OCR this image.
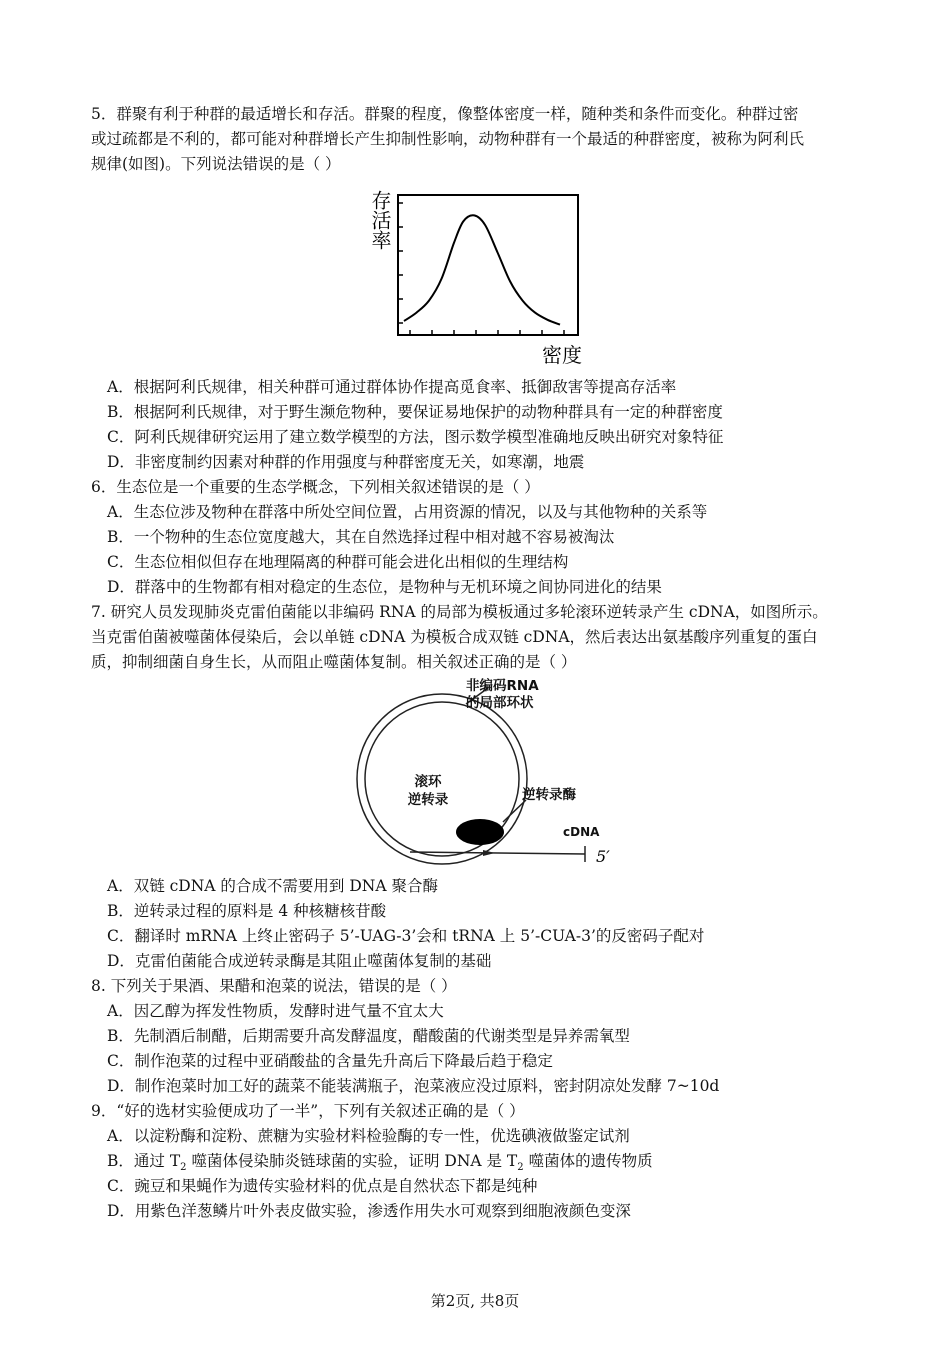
5．群聚有利于种群的最适增长和存活。群聚的程度，像整体密度一样，随种类和条件而变化。种群过密
或过疏都是不利的，都可能对种群增长产生抑制性影响，动物种群有一个最适的种群密度，被称为阿利氏
规律(如图)。下列说法错误的是（ ）
存活率
密度
A．根据阿利氏规律，相关种群可通过群体协作提高觅食率、抵御敌害等提高存活率
B．根据阿利氏规律，对于野生濒危物种，要保证易地保护的动物种群具有一定的种群密度
C．阿利氏规律研究运用了建立数学模型的方法，图示数学模型准确地反映出研究对象特征
D．非密度制约因素对种群的作用强度与种群密度无关，如寒潮，地震
6．生态位是一个重要的生态学概念，下列相关叙述错误的是（ ）
A．生态位涉及物种在群落中所处空间位置，占用资源的情况，以及与其他物种的关系等
B．一个物种的生态位宽度越大，其在自然选择过程中相对越不容易被淘汰
C．生态位相似但存在地理隔离的种群可能会进化出相似的生理结构
D．群落中的生物都有相对稳定的生态位，是物种与无机环境之间协同进化的结果
7. 研究人员发现肺炎克雷伯菌能以非编码 RNA 的局部为模板通过多轮滚环逆转录产生 cDNA，如图所示。
当克雷伯菌被噬菌体侵染后，会以单链 cDNA 为模板合成双链 cDNA，然后表达出氨基酸序列重复的蛋白
质，抑制细菌自身生长，从而阻止噬菌体复制。相关叙述正确的是（ ）
非编码RNA
的局部环状
滚环
逆转录	逆转录酶
cDNA
5′
A．双链 cDNA 的合成不需要用到 DNA 聚合酶
B．逆转录过程的原料是 4 种核糖核苷酸
C．翻译时 mRNA 上终止密码子 5’-UAG-3’会和 tRNA 上 5’-CUA-3’的反密码子配对
D．克雷伯菌能合成逆转录酶是其阻止噬菌体复制的基础
8. 下列关于果酒、果醋和泡菜的说法，错误的是（ ）
A．因乙醇为挥发性物质，发酵时进气量不宜太大
B．先制酒后制醋，后期需要升高发酵温度，醋酸菌的代谢类型是异养需氧型
C．制作泡菜的过程中亚硝酸盐的含量先升高后下降最后趋于稳定
D．制作泡菜时加工好的蔬菜不能装满瓶子，泡菜液应没过原料，密封阴凉处发酵 7~10d
9．“好的选材实验便成功了一半”，下列有关叙述正确的是（ ）
A．以淀粉酶和淀粉、蔗糖为实验材料检验酶的专一性，优选碘液做鉴定试剂
B．通过 $T_2$ 噬菌体侵染肺炎链球菌的实验，证明 DNA 是 $T_2$ 噬菌体的遗传物质
C．豌豆和果蝇作为遗传实验材料的优点是自然状态下都是纯种
D．用紫色洋葱鳞片叶外表皮做实验，渗透作用失水可观察到细胞液颜色变深
第2页, 共8页
